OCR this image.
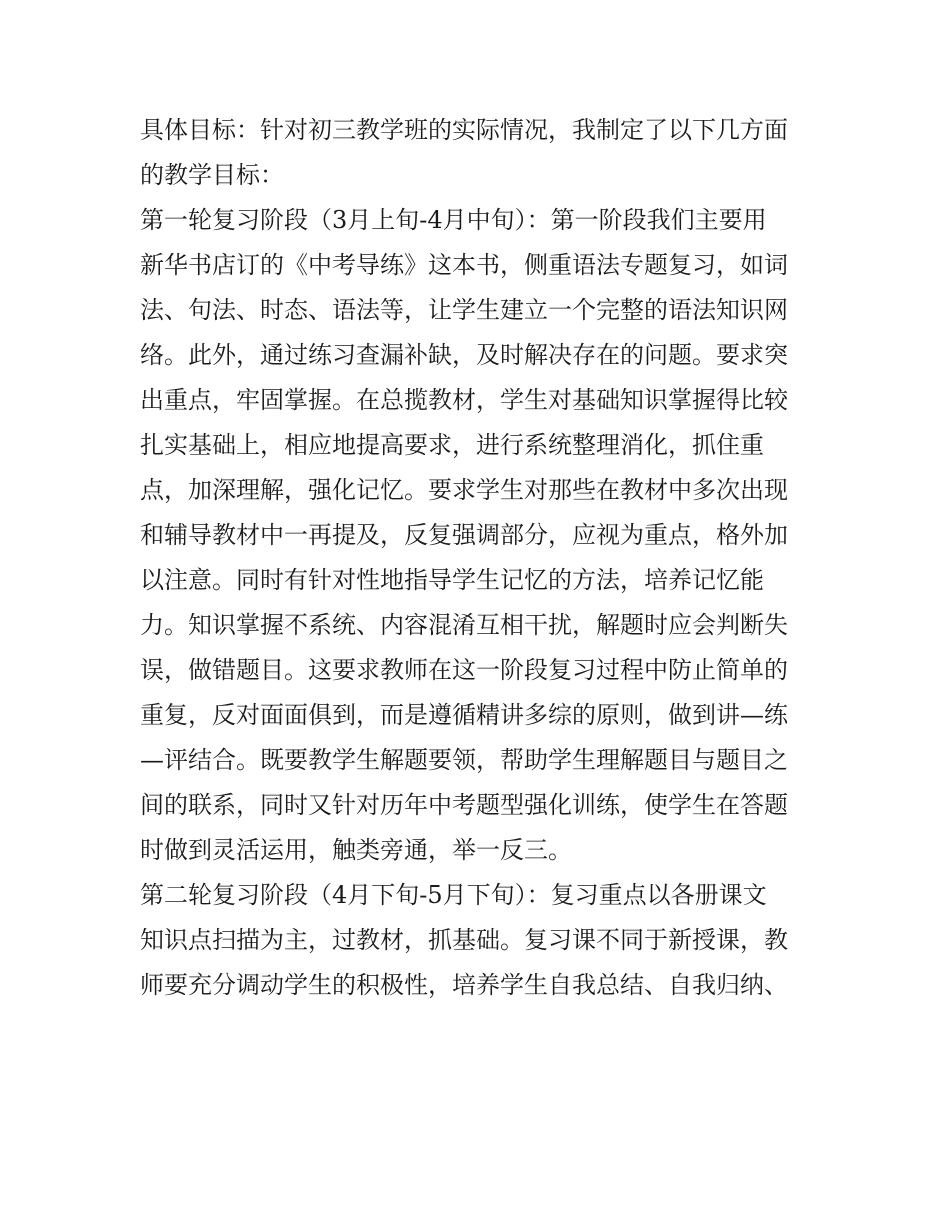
具体目标：针对初三教学班的实际情况，我制定了以下几方面
的教学目标：
第一轮复习阶段（3月上旬-4月中旬）：第一阶段我们主要用
新华书店订的《中考导练》这本书，侧重语法专题复习，如词
法、句法、时态、语法等，让学生建立一个完整的语法知识网
络。此外，通过练习查漏补缺，及时解决存在的问题。要求突
出重点，牢固掌握。在总揽教材，学生对基础知识掌握得比较
扎实基础上，相应地提高要求，进行系统整理消化，抓住重
点，加深理解，强化记忆。要求学生对那些在教材中多次出现
和辅导教材中一再提及，反复强调部分，应视为重点，格外加
以注意。同时有针对性地指导学生记忆的方法，培养记忆能
力。知识掌握不系统、内容混淆互相干扰，解题时应会判断失
误，做错题目。这要求教师在这一阶段复习过程中防止简单的
重复，反对面面俱到，而是遵循精讲多综的原则，做到讲—练
—评结合。既要教学生解题要领，帮助学生理解题目与题目之
间的联系，同时又针对历年中考题型强化训练，使学生在答题
时做到灵活运用，触类旁通，举一反三。
第二轮复习阶段（4月下旬-5月下旬）：复习重点以各册课文
知识点扫描为主，过教材，抓基础。复习课不同于新授课，教
师要充分调动学生的积极性，培养学生自我总结、自我归纳、
